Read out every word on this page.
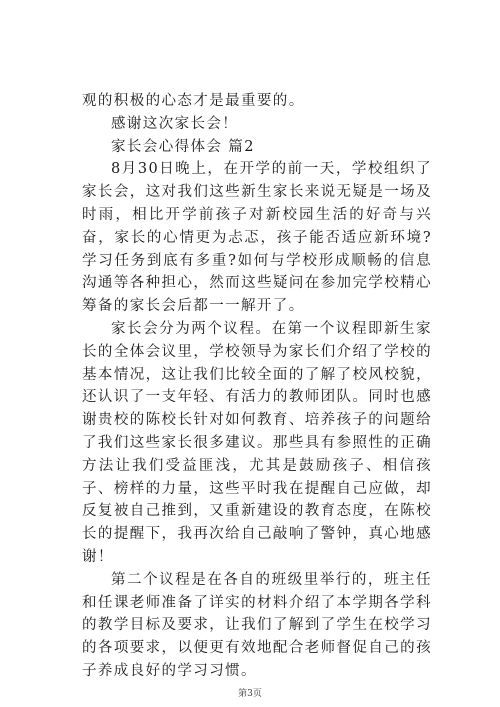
观的积极的心态才是最重要的。

感谢这次家长会！

家长会心得体会 篇2

8月30日晚上，在开学的前一天，学校组织了家长会，这对我们这些新生家长来说无疑是一场及时雨，相比开学前孩子对新校园生活的好奇与兴奋，家长的心情更为忐忑，孩子能否适应新环境?学习任务到底有多重?如何与学校形成顺畅的信息沟通等各种担心，然而这些疑问在参加完学校精心筹备的家长会后都一一解开了。

家长会分为两个议程。在第一个议程即新生家长的全体会议里，学校领导为家长们介绍了学校的基本情况，这让我们比较全面的了解了校风校貌，还认识了一支年轻、有活力的教师团队。同时也感谢贵校的陈校长针对如何教育、培养孩子的问题给了我们这些家长很多建议。那些具有参照性的正确方法让我们受益匪浅，尤其是鼓励孩子、相信孩子、榜样的力量，这些平时我在提醒自己应做，却反复被自己推到，又重新建设的教育态度，在陈校长的提醒下，我再次给自己敲响了警钟，真心地感谢！

第二个议程是在各自的班级里举行的，班主任和任课老师准备了详实的材料介绍了本学期各学科的教学目标及要求，让我们了解到了学生在校学习的各项要求，以便更有效地配合老师督促自己的孩子养成良好的学习习惯。

第3页
